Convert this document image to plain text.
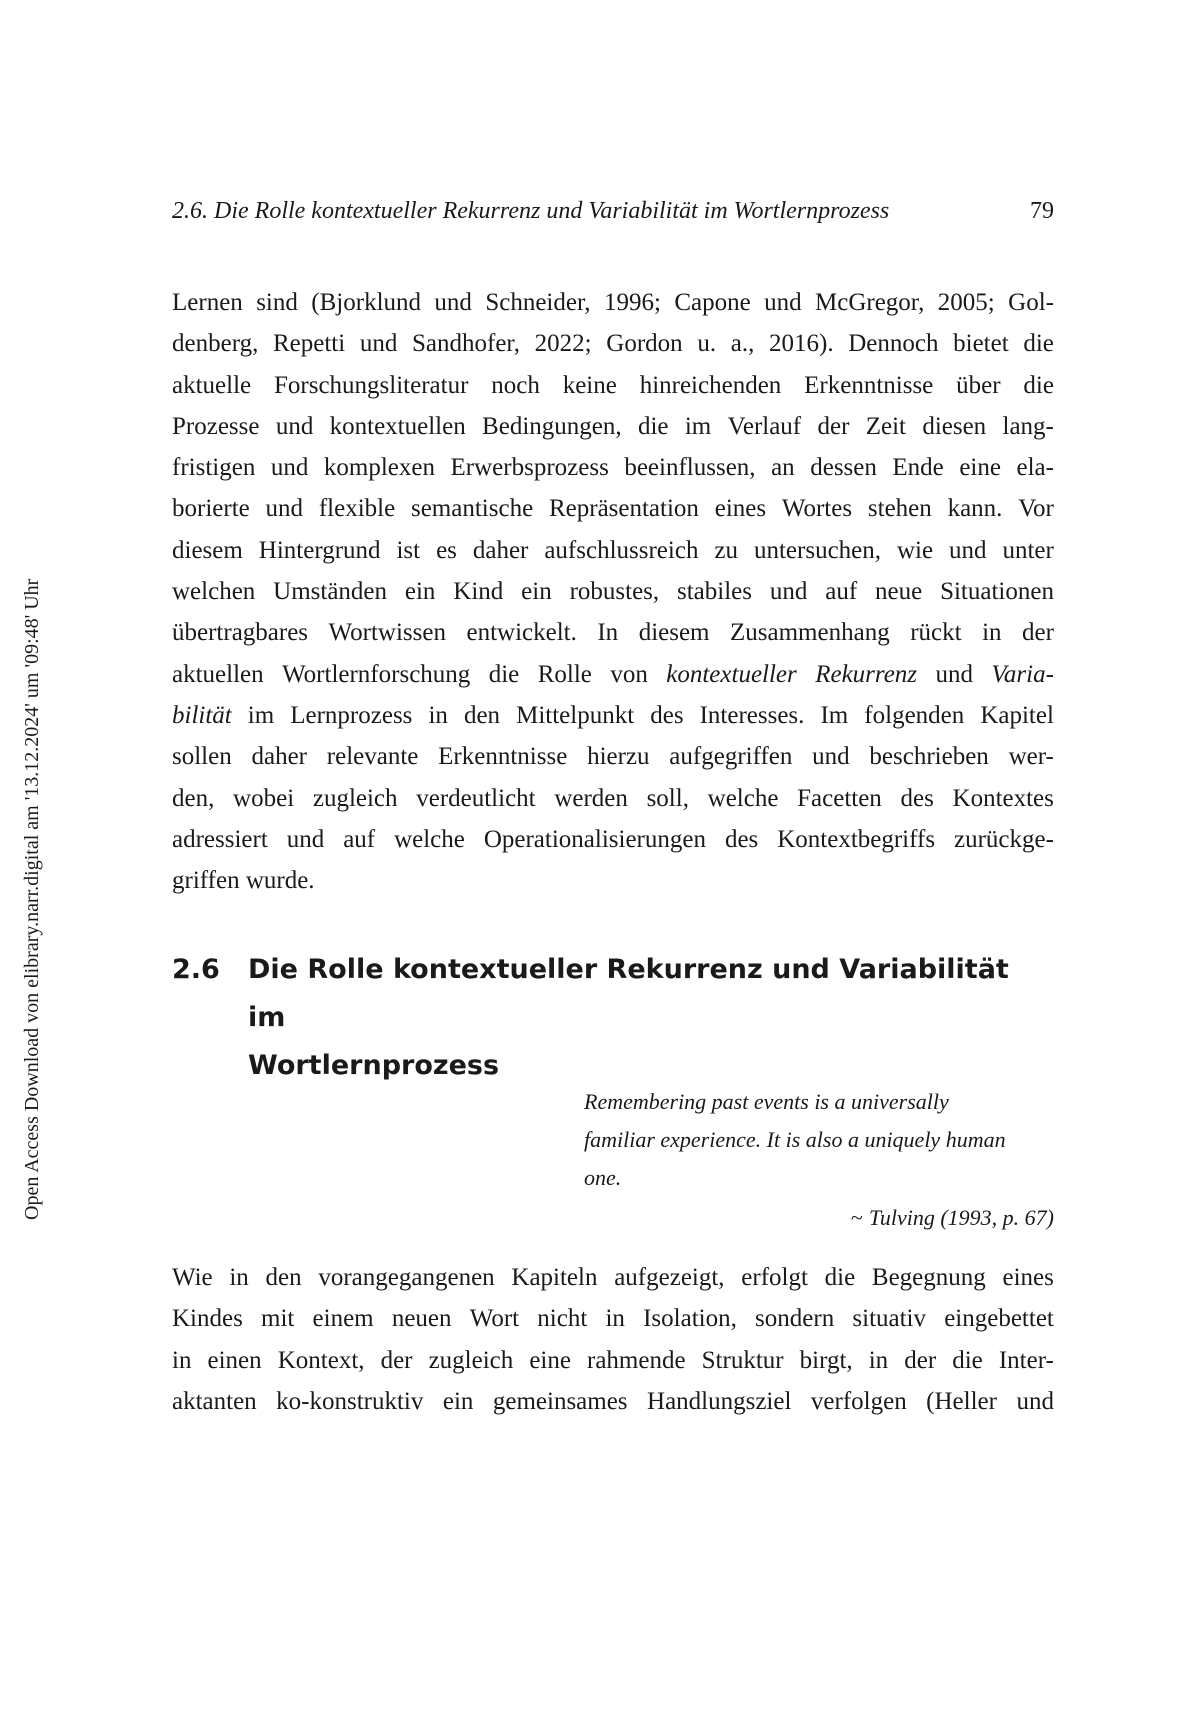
2.6. Die Rolle kontextueller Rekurrenz und Variabilität im Wortlernprozess	79
Open Access Download von elibrary.narr.digital am '13.12.2024' um '09:48' Uhr
Lernen sind (Bjorklund und Schneider, 1996; Capone und McGregor, 2005; Gol-
denberg, Repetti und Sandhofer, 2022; Gordon u. a., 2016). Dennoch bietet die
aktuelle Forschungsliteratur noch keine hinreichenden Erkenntnisse über die
Prozesse und kontextuellen Bedingungen, die im Verlauf der Zeit diesen lang-
fristigen und komplexen Erwerbsprozess beeinflussen, an dessen Ende eine ela-
borierte und flexible semantische Repräsentation eines Wortes stehen kann. Vor
diesem Hintergrund ist es daher aufschlussreich zu untersuchen, wie und unter
welchen Umständen ein Kind ein robustes, stabiles und auf neue Situationen
übertragbares Wortwissen entwickelt. In diesem Zusammenhang rückt in der
aktuellen Wortlernforschung die Rolle von kontextueller Rekurrenz und Varia-
bilität im Lernprozess in den Mittelpunkt des Interesses. Im folgenden Kapitel
sollen daher relevante Erkenntnisse hierzu aufgegriffen und beschrieben wer-
den, wobei zugleich verdeutlicht werden soll, welche Facetten des Kontextes
adressiert und auf welche Operationalisierungen des Kontextbegriffs zurückge-
griffen wurde.
2.6	Die Rolle kontextueller Rekurrenz und Variabilität im
Wortlernprozess
Remembering past events is a universally
familiar experience. It is also a uniquely human
one.
~ Tulving (1993, p. 67)
Wie in den vorangegangenen Kapiteln aufgezeigt, erfolgt die Begegnung eines
Kindes mit einem neuen Wort nicht in Isolation, sondern situativ eingebettet
in einen Kontext, der zugleich eine rahmende Struktur birgt, in der die Inter-
aktanten ko-konstruktiv ein gemeinsames Handlungsziel verfolgen (Heller und
